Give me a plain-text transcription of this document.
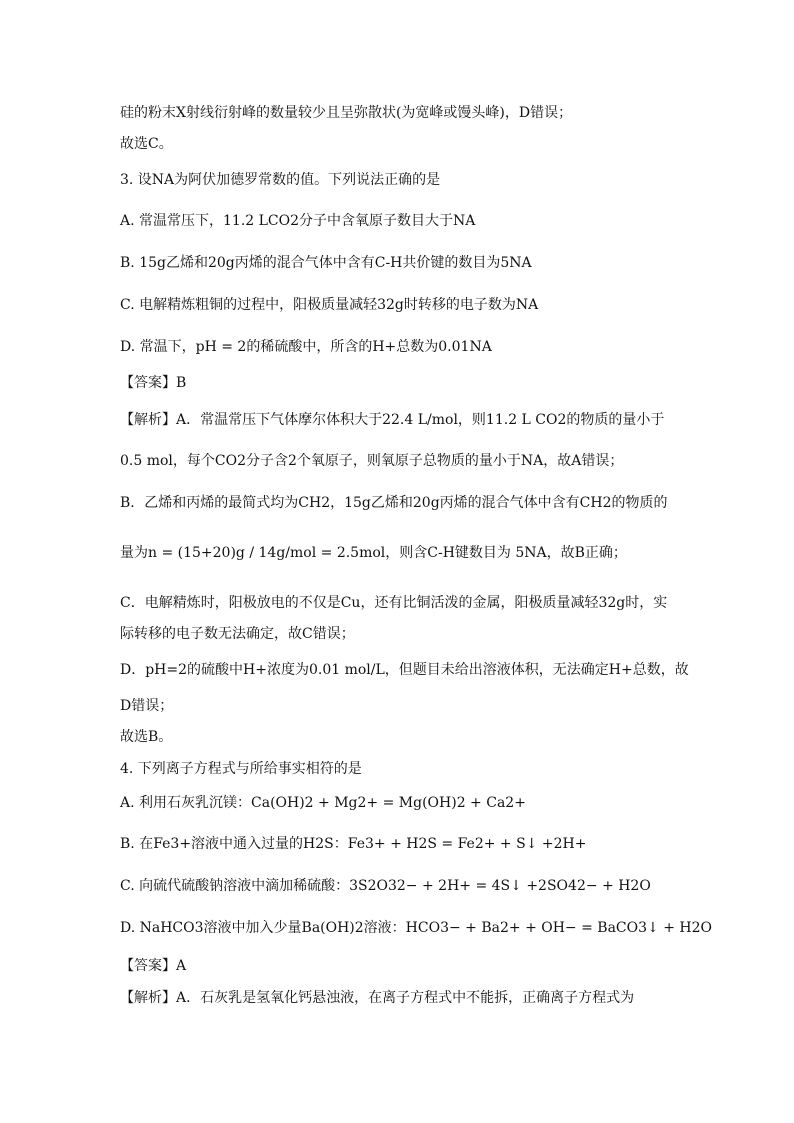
硅的粉末X射线衍射峰的数量较少且呈弥散状(为宽峰或馒头峰)，D错误；
故选C。
3. 设NA为阿伏加德罗常数的值。下列说法正确的是
A. 常温常压下，11.2 LCO2分子中含氧原子数目大于NA
B. 15g乙烯和20g丙烯的混合气体中含有C-H共价键的数目为5NA
C. 电解精炼粗铜的过程中，阳极质量减轻32g时转移的电子数为NA
D. 常温下，pH = 2的稀硫酸中，所含的H+总数为0.01NA
【答案】B
【解析】A．常温常压下气体摩尔体积大于22.4 L/mol，则11.2 L CO2的物质的量小于
0.5 mol，每个CO2分子含2个氧原子，则氧原子总物质的量小于NA，故A错误；
B．乙烯和丙烯的最简式均为CH2，15g乙烯和20g丙烯的混合气体中含有CH2的物质的
量为n = (15+20)g / 14g/mol = 2.5mol，则含C-H键数目为 5NA，故B正确；
C．电解精炼时，阳极放电的不仅是Cu，还有比铜活泼的金属，阳极质量减轻32g时，实
际转移的电子数无法确定，故C错误；
D．pH=2的硫酸中H+浓度为0.01 mol/L，但题目未给出溶液体积，无法确定H+总数，故
D错误；
故选B。
4. 下列离子方程式与所给事实相符的是
A. 利用石灰乳沉镁：Ca(OH)2 + Mg2+ = Mg(OH)2 + Ca2+
B. 在Fe3+溶液中通入过量的H2S：Fe3+ + H2S = Fe2+ + S↓ +2H+
C. 向硫代硫酸钠溶液中滴加稀硫酸：3S2O32− + 2H+ = 4S↓ +2SO42− + H2O
D. NaHCO3溶液中加入少量Ba(OH)2溶液：HCO3− + Ba2+ + OH− = BaCO3↓ + H2O
【答案】A
【解析】A．石灰乳是氢氧化钙悬浊液，在离子方程式中不能拆，正确离子方程式为
